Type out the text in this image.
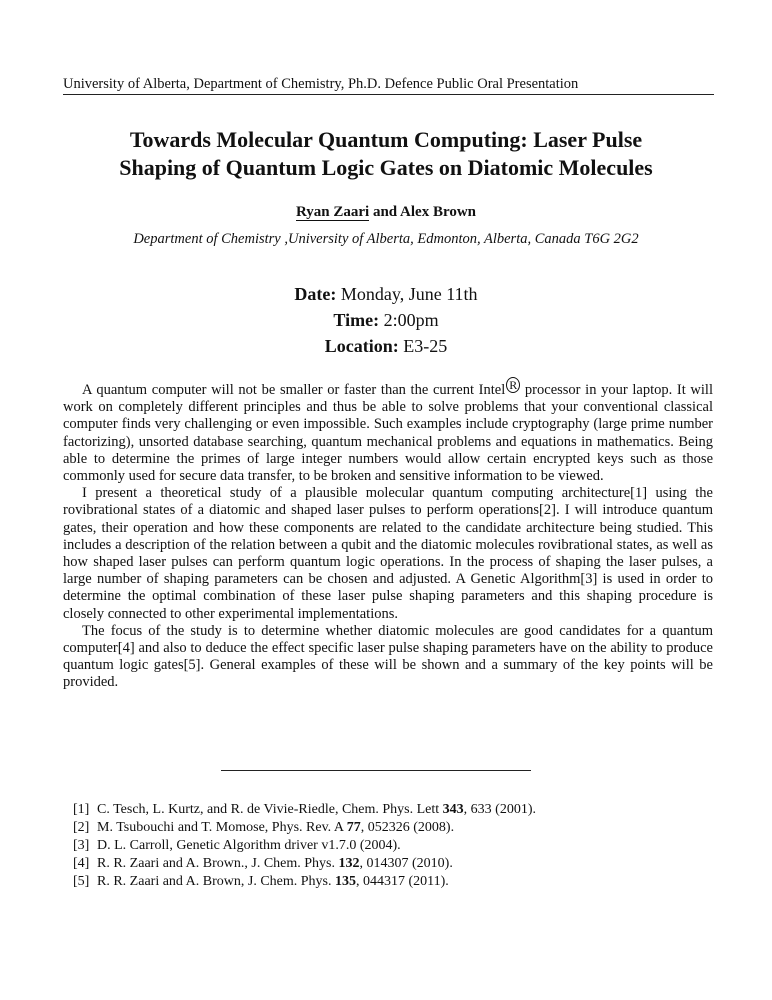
University of Alberta, Department of Chemistry, Ph.D. Defence Public Oral Presentation
Towards Molecular Quantum Computing: Laser Pulse
Shaping of Quantum Logic Gates on Diatomic Molecules
Ryan Zaari and Alex Brown
Department of Chemistry ,University of Alberta, Edmonton, Alberta, Canada T6G 2G2
Date: Monday, June 11th
Time: 2:00pm
Location: E3-25

A quantum computer will not be smaller or faster than the current Intel $^R$ processor in your laptop. It will work on completely different principles and thus be able to solve problems that your conventional classical computer finds very challenging or even impossible. Such examples include cryptography (large prime number factorizing), unsorted database searching, quantum mechanical problems and equations in mathematics. Being able to determine the primes of large integer numbers would allow certain encrypted keys such as those commonly used for secure data transfer, to be broken and sensitive information to be viewed.

I present a theoretical study of a plausible molecular quantum computing architecture[1] using the rovibrational states of a diatomic and shaped laser pulses to perform operations[2]. I will introduce quantum gates, their operation and how these components are related to the candidate architecture being studied. This includes a description of the relation between a qubit and the diatomic molecules rovibrational states, as well as how shaped laser pulses can perform quantum logic operations. In the process of shaping the laser pulses, a large number of shaping parameters can be chosen and adjusted. A Genetic Algorithm[3] is used in order to determine the optimal combination of these laser pulse shaping parameters and this shaping procedure is closely connected to other experimental implementations.

The focus of the study is to determine whether diatomic molecules are good candidates for a quantum computer[4] and also to deduce the effect specific laser pulse shaping parameters have on the ability to produce quantum logic gates[5]. General examples of these will be shown and a summary of the key points will be provided.

[1] C. Tesch, L. Kurtz, and R. de Vivie-Riedle, Chem. Phys. Lett 343, 633 (2001).
[2] M. Tsubouchi and T. Momose, Phys. Rev. A 77, 052326 (2008).
[3] D. L. Carroll, Genetic Algorithm driver v1.7.0 (2004).
[4] R. R. Zaari and A. Brown., J. Chem. Phys. 132, 014307 (2010).
[5] R. R. Zaari and A. Brown, J. Chem. Phys. 135, 044317 (2011).
